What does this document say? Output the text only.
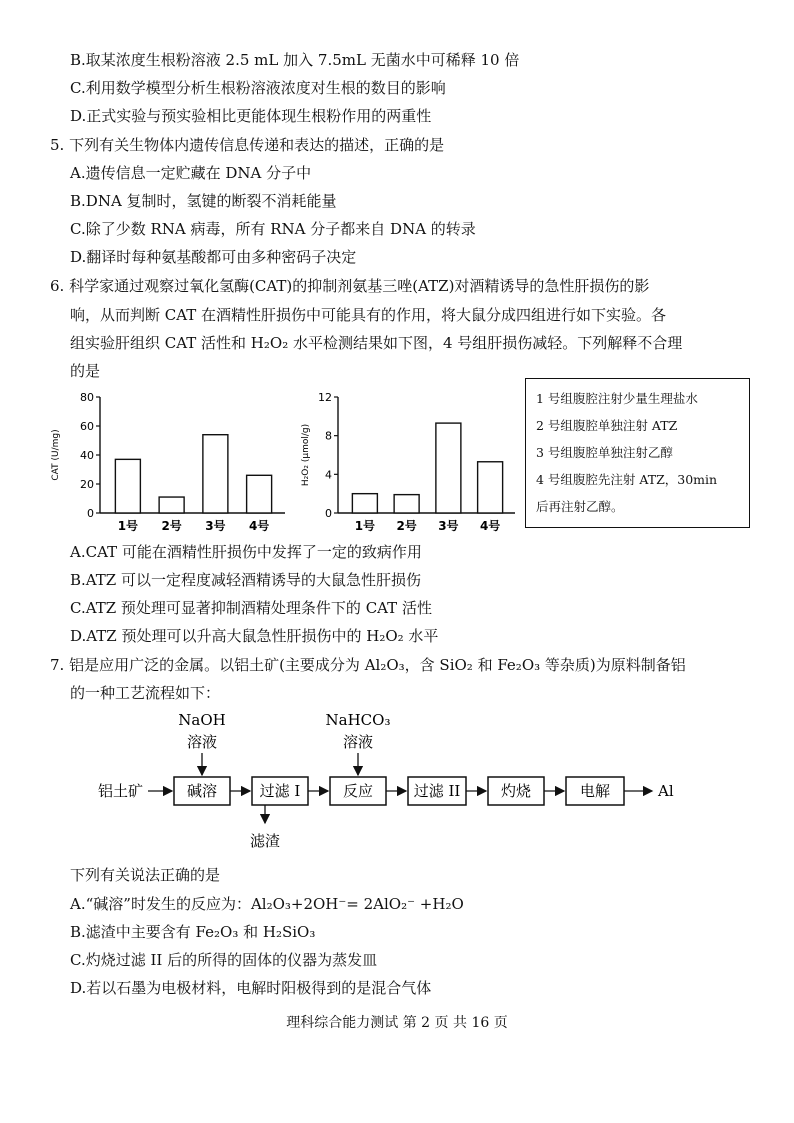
B.取某浓度生根粉溶液 2.5 mL 加入 7.5mL 无菌水中可稀释 10 倍
C.利用数学模型分析生根粉溶液浓度对生根的数目的影响
D.正式实验与预实验相比更能体现生根粉作用的两重性
5. 下列有关生物体内遗传信息传递和表达的描述，正确的是
A.遗传信息一定贮藏在 DNA 分子中
B.DNA 复制时，氢键的断裂不消耗能量
C.除了少数 RNA 病毒，所有 RNA 分子都来自 DNA 的转录
D.翻译时每种氨基酸都可由多种密码子决定
6. 科学家通过观察过氧化氢酶(CAT)的抑制剂氨基三唑(ATZ)对酒精诱导的急性肝损伤的影
响，从而判断 CAT 在酒精性肝损伤中可能具有的作用，将大鼠分成四组进行如下实验。各
组实验肝组织 CAT 活性和 H₂O₂ 水平检测结果如下图，4 号组肝损伤减轻。下列解释不合理
的是
0
20
40
60
80
CAT (U/mg)
1号 2号 3号 4号
0
4
8
12
H₂O₂ (μmol/g)
1号 2号 3号 4号
1 号组腹腔注射少量生理盐水
2 号组腹腔单独注射 ATZ
3 号组腹腔单独注射乙醇
4 号组腹腔先注射 ATZ，30min
后再注射乙醇。
A.CAT 可能在酒精性肝损伤中发挥了一定的致病作用
B.ATZ 可以一定程度减轻酒精诱导的大鼠急性肝损伤
C.ATZ 预处理可显著抑制酒精处理条件下的 CAT 活性
D.ATZ 预处理可以升高大鼠急性肝损伤中的 H₂O₂ 水平
7. 铝是应用广泛的金属。以铝土矿(主要成分为 Al₂O₃，含 SiO₂ 和 Fe₂O₃ 等杂质)为原料制备铝
的一种工艺流程如下：
NaOH
溶液
NaHCO₃
溶液
铝土矿	碱溶	过滤 I
滤渣
反应	过滤 II	灼烧	电解	Al
下列有关说法正确的是
A.“碱溶”时发生的反应为：Al₂O₃+2OH⁻= 2AlO₂⁻ +H₂O
B.滤渣中主要含有 Fe₂O₃ 和 H₂SiO₃
C.灼烧过滤 II 后的所得的固体的仪器为蒸发皿
D.若以石墨为电极材料，电解时阳极得到的是混合气体
理科综合能力测试 第 2 页 共 16 页
